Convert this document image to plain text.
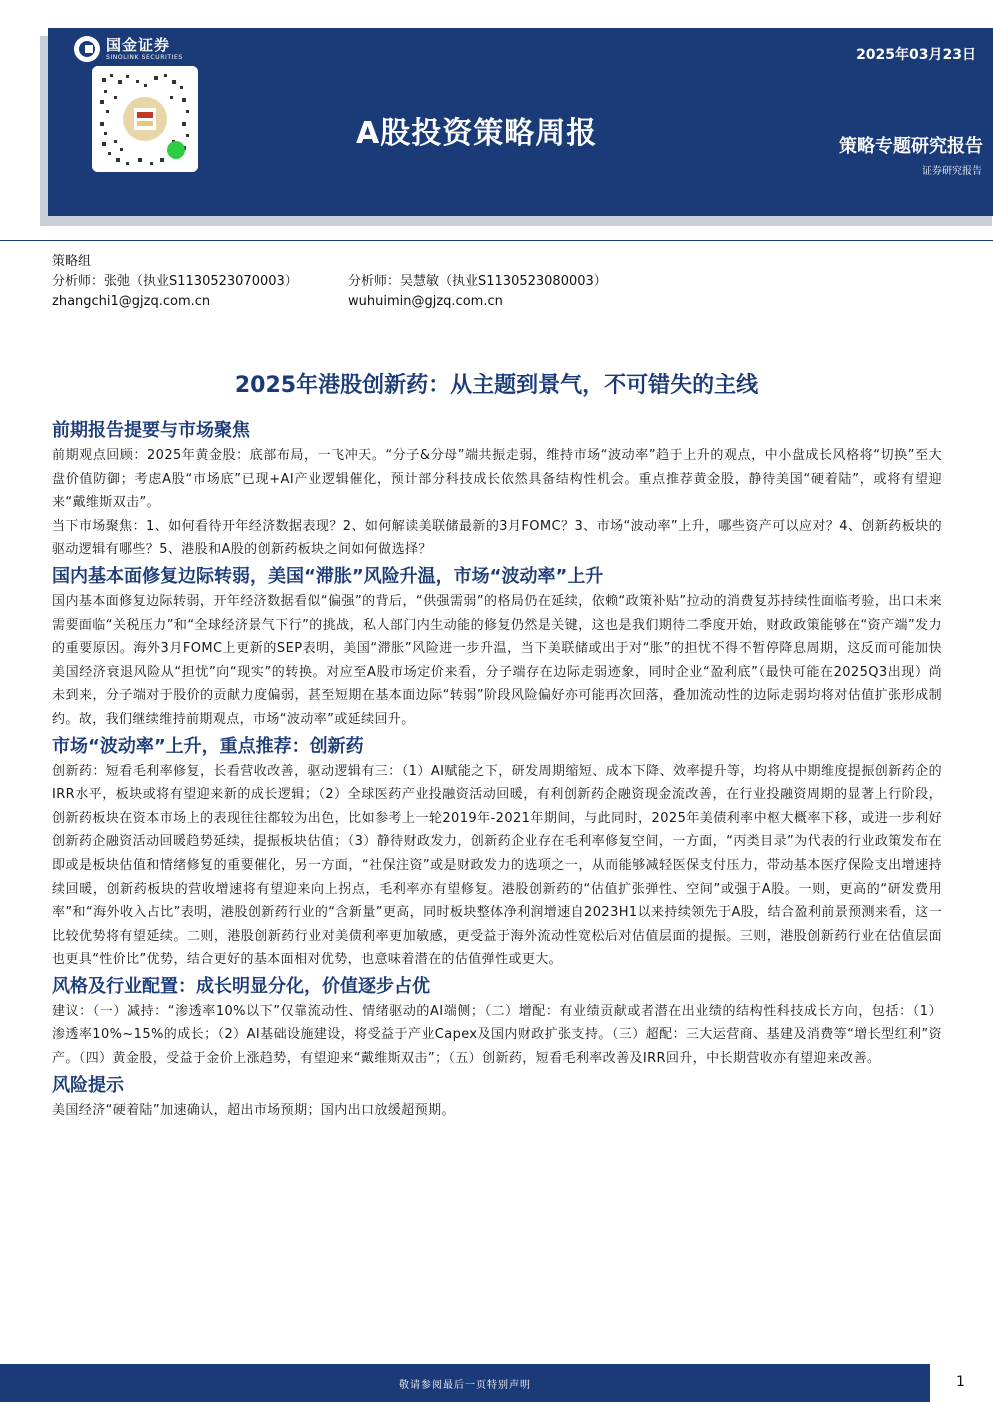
国金证券
SINOLINK SECURITIES
A股投资策略周报
2025年03月23日
策略专题研究报告
证券研究报告
策略组
分析师：张弛（执业S1130523070003）	分析师：吴慧敏（执业S1130523080003）
zhangchi1@gjzq.com.cn	wuhuimin@gjzq.com.cn
2025年港股创新药：从主题到景气，不可错失的主线
前期报告提要与市场聚焦

前期观点回顾：2025年黄金股：底部布局，一飞冲天。“分子&分母”端共振走弱，维持市场“波动率”趋于上升的观点，中小盘成长风格将“切换”至大盘价值防御；考虑A股“市场底”已现+AI产业逻辑催化，预计部分科技成长依然具备结构性机会。重点推荐黄金股，静待美国“硬着陆”，或将有望迎来“戴维斯双击”。

当下市场聚焦：1、如何看待开年经济数据表现？2、如何解读美联储最新的3月FOMC？3、市场“波动率”上升，哪些资产可以应对？4、创新药板块的驱动逻辑有哪些？5、港股和A股的创新药板块之间如何做选择？

国内基本面修复边际转弱，美国“滞胀”风险升温，市场“波动率”上升

国内基本面修复边际转弱，开年经济数据看似“偏强”的背后，“供强需弱”的格局仍在延续，依赖“政策补贴”拉动的消费复苏持续性面临考验，出口未来需要面临“关税压力”和“全球经济景气下行”的挑战，私人部门内生动能的修复仍然是关键，这也是我们期待二季度开始，财政政策能够在“资产端”发力的重要原因。海外3月FOMC上更新的SEP表明，美国“滞胀”风险进一步升温，当下美联储或出于对“胀”的担忧不得不暂停降息周期，这反而可能加快美国经济衰退风险从“担忧”向“现实”的转换。对应至A股市场定价来看，分子端存在边际走弱迹象，同时企业“盈利底”（最快可能在2025Q3出现）尚未到来，分子端对于股价的贡献力度偏弱，甚至短期在基本面边际“转弱”阶段风险偏好亦可能再次回落，叠加流动性的边际走弱均将对估值扩张形成制约。故，我们继续维持前期观点，市场“波动率”或延续回升。

市场“波动率”上升，重点推荐：创新药

创新药：短看毛利率修复，长看营收改善，驱动逻辑有三：（1）AI赋能之下，研发周期缩短、成本下降、效率提升等，均将从中期维度提振创新药企的IRR水平，板块或将有望迎来新的成长逻辑；（2）全球医药产业投融资活动回暖，有利创新药企融资现金流改善，在行业投融资周期的显著上行阶段，创新药板块在资本市场上的表现往往都较为出色，比如参考上一轮2019年-2021年期间，与此同时，2025年美债利率中枢大概率下移，或进一步利好创新药企融资活动回暖趋势延续，提振板块估值；（3）静待财政发力，创新药企业存在毛利率修复空间，一方面，“丙类目录”为代表的行业政策发布在即或是板块估值和情绪修复的重要催化，另一方面，“社保注资”或是财政发力的选项之一，从而能够减轻医保支付压力，带动基本医疗保险支出增速持续回暖，创新药板块的营收增速将有望迎来向上拐点，毛利率亦有望修复。港股创新药的“估值扩张弹性、空间”或强于A股。一则，更高的“研发费用率”和“海外收入占比”表明，港股创新药行业的“含新量”更高，同时板块整体净利润增速自2023H1以来持续领先于A股，结合盈利前景预测来看，这一比较优势将有望延续。二则，港股创新药行业对美债利率更加敏感，更受益于海外流动性宽松后对估值层面的提振。三则，港股创新药行业在估值层面也更具“性价比”优势，结合更好的基本面相对优势，也意味着潜在的估值弹性或更大。

风格及行业配置：成长明显分化，价值逐步占优

建议：（一）减持：“渗透率10%以下”仅靠流动性、情绪驱动的AI端侧；（二）增配：有业绩贡献或者潜在出业绩的结构性科技成长方向，包括：（1）渗透率10%~15%的成长；（2）AI基础设施建设，将受益于产业Capex及国内财政扩张支持。（三）超配：三大运营商、基建及消费等“增长型红利”资产。（四）黄金股，受益于金价上涨趋势，有望迎来“戴维斯双击”；（五）创新药，短看毛利率改善及IRR回升，中长期营收亦有望迎来改善。

风险提示

美国经济“硬着陆”加速确认，超出市场预期；国内出口放缓超预期。

敬请参阅最后一页特别声明	1
